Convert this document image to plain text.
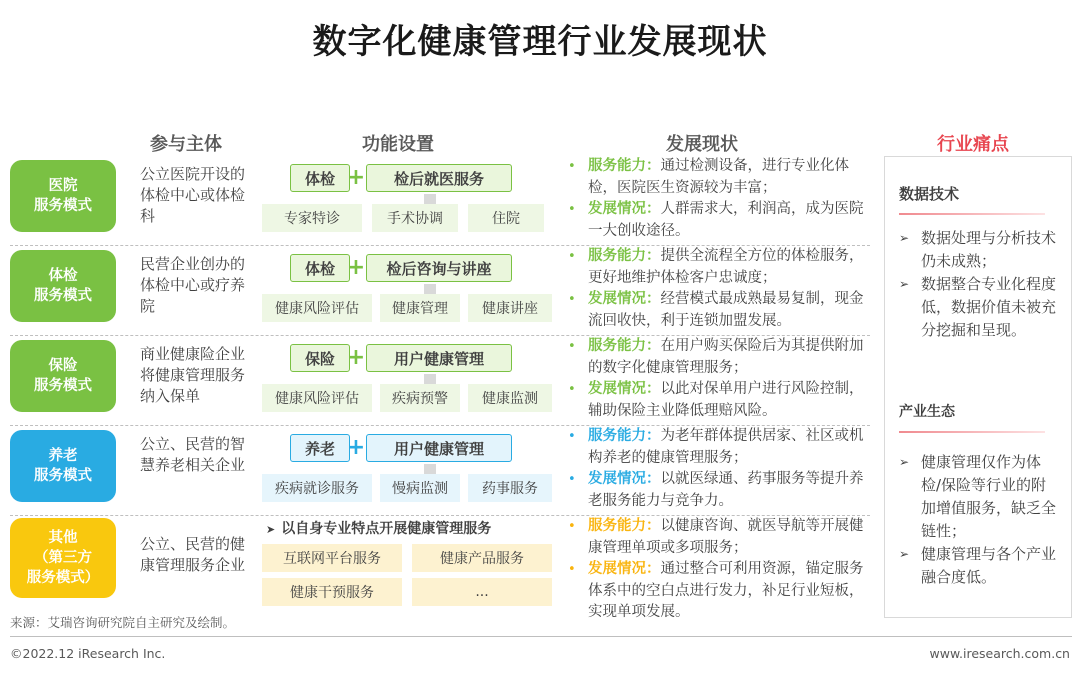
数字化健康管理行业发展现状
参与主体	功能设置	发展现状	行业痛点
医院
服务模式
公立医院开设的体检中心或体检科
体检 +	检后就医服务
专家特诊	手术协调	住院
• 服务能力：通过检测设备，进行专业化体检，医院医生资源较为丰富；
• 发展情况：人群需求大，利润高，成为医院一大创收途径。
体检
服务模式
民营企业创办的体检中心或疗养院
体检 +	检后咨询与讲座
健康风险评估	健康管理	健康讲座
• 服务能力：提供全流程全方位的体检服务，更好地维护体检客户忠诚度；
• 发展情况：经营模式最成熟最易复制，现金流回收快，利于连锁加盟发展。
保险
服务模式
商业健康险企业将健康管理服务纳入保单
保险 +	用户健康管理
健康风险评估	疾病预警	健康监测
• 服务能力：在用户购买保险后为其提供附加的数字化健康管理服务；
• 发展情况：以此对保单用户进行风险控制，辅助保险主业降低理赔风险。
养老
服务模式
公立、民营的智慧养老相关企业
养老 +	用户健康管理
疾病就诊服务	慢病监测	药事服务
• 服务能力：为老年群体提供居家、社区或机构养老的健康管理服务；
• 发展情况：以就医绿通、药事服务等提升养老服务能力与竞争力。
其他
（第三方
服务模式）
公立、民营的健康管理服务企业
➤ 以自身专业特点开展健康管理服务
互联网平台服务	健康产品服务
健康干预服务	...
• 服务能力：以健康咨询、就医导航等开展健康管理单项或多项服务；
• 发展情况：通过整合可利用资源，锚定服务体系中的空白点进行发力，补足行业短板，实现单项发展。
数据技术
➢ 数据处理与分析技术仍未成熟；
➢ 数据整合专业化程度低，数据价值未被充分挖掘和呈现。
产业生态
➢ 健康管理仅作为体检/保险等行业的附加增值服务，缺乏全链性；
➢ 健康管理与各个产业融合度低。
来源：艾瑞咨询研究院自主研究及绘制。
©2022.12 iResearch Inc.	www.iresearch.com.cn
